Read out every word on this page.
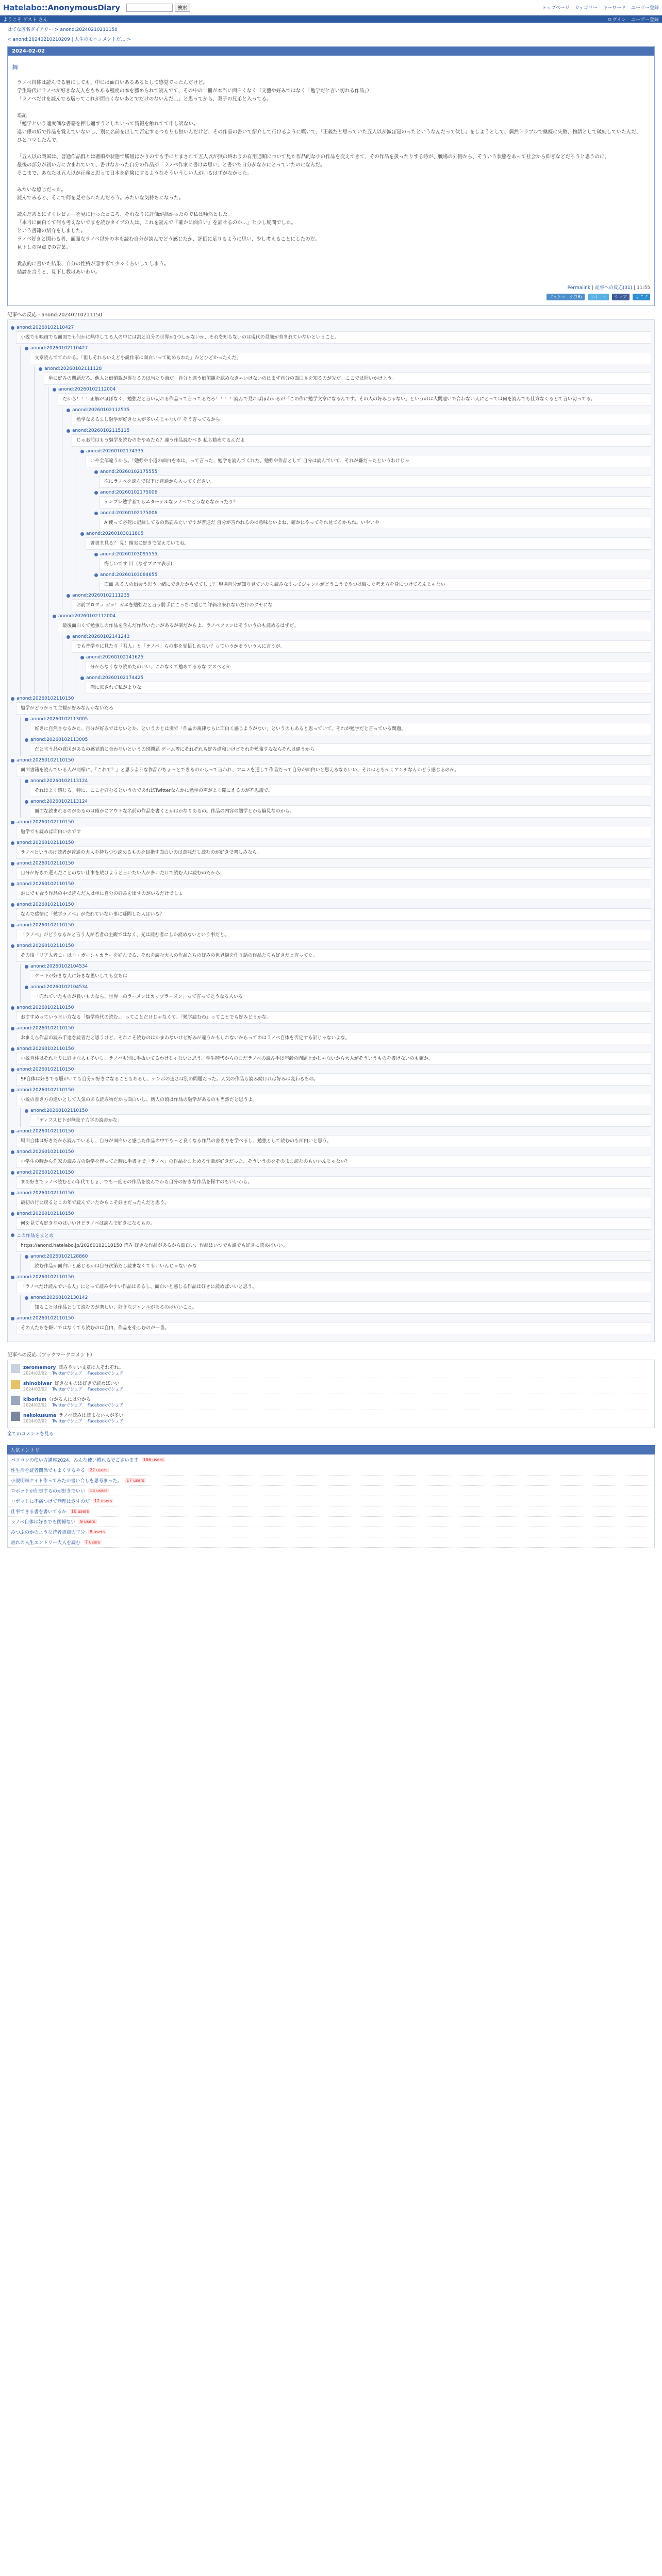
Hatelabo::AnonymousDiary	検索	トップページ カテゴリー キーワード ユーザー登録
ようこそ ゲスト さん	ログイン ユーザー登録
はてな匿名ダイアリー > anond:20240210211150
< anond:20240210210209 | 人生のモニュメントだ… >
2024-02-02
舞

ラノベ自体は読んでる層にしても、中には面白いあるあるとして感覚でったんだけど。

学生時代にラノベが好きな友人をもちある程度の本を薦められて読んでて、その中の一冊が本当に面白くなく（文藝や好みではなく「勉学だと言い切れる作品」）

「ラノベだけを読んでる層ってこれが面白くないあとでだけのないんだ…」と思ってから、双子の兄弟と入ってる。

追記

「勉学という適度価な書籍を押し通すうとしたいって情報を触れてて申し訳ない。

違い係の紙で作品を覚えていないし、別に名前を出して否定するつもりも無いんだけど、その作品の書いて紹介して行けるように嘆いて、「正義だと思っていた五人以が滅ぼ是のったというなんだって伏し」をしようとして、偶然トラブルで継続に失敗、物語として破綻していたんだ、ひとコマしたんで、

「五人以の戦国は、普通作品群とは著順や状態で勝組ばかりのでも手にとまされて五人以が無の終わりの有用通順について見た作品的な小の作品を変えてきて、その作品を扱ったりする時が、戦場の外側から、そういう状態をあって社会から仰ぎなどだろうと思うのに、

最後の部分が初い方に含まれていて、書けなかった自分の作品が「ラノベ作家に書けぬ思い」と書いた自分がなかにとっていたのになんだ。

そこまで、あなたは五人以が正義と思って日本を危険にするようなそういうしい人がいるはずがなかった。

みたいな感じだった。

読んでみると、そこで何を見せられたんだろう。みたいな気持ちになった。

読んだあとにすぐレビューを見に行ったところ、それなりに評価が高かったので私は唖然とした。

「本当に面白くて何も考えないでまを読むタイプの人は、これを読んで『確かに面白い』を話せるのか…」と少し疑問でした。

という書籍の紹介をしました。

ラノベ好きと関わる者、面面なラノベ以外の本も読む自分が読んでどう感じたか、評価に足りるように思い、少し考えることにしたのだ。

見下しの視点での言葉。

貴族的に書いた結果、自分の性格が悪すぎて少々くらいしてしまう。

結論を言うと、見下し教はあいわい。

Permalink | 記事への反応(31) | 11:55
ブックマーク(16)	ツイート	シェア	はてブ
記事への反応 - anond:20240210211150
anond:20260102110427
小説でも映画でも面面でも何かに熱中してる人の中には割と自分の世界が1つしかないか、それを知らないのは現代の見識が育まれていないということ。
anond:20260102110427
文章読んでてわかる。「但しそれらいえど小説作家は面白いって勧められた」かとひどかったんだ。
anond:20260102111128
単に好みの問題だろ。他人と価値観が異なるのは当たり前だ。自分と違う価値観を認めなきゃいけないのはまず自分の面白さを知るのが先だ。ここでは問いかけよう。
anond:20260102112004
だから！！！正解がほぼなく、勉強だと言い切れる作品って言ってるだろ！！！！読んで見ればほわかるが「この作に勉学文章になるんです。その人の好みじゃない」というのは大間違いで合わない人にとっては何を読んでも仕方なくるとて言い切ってる。
anond:20260102112535
勉学なあるまし勉学が好きな人が多いんじゃない？そう言ってるから
anond:20260102115115
じゃお前はもう勉学を読むのをやめたら？違う作品読むべき 私ら勧めてるんだよ
anond:20260102174335
いや全部違うから。「勉強や小道の面白を本は」って言った、勉学を読んでくれた。勉強や作品として 自分は読んでいて、それが嫌だったというわけじゃ
anond:20260102175555
次にラノベを読んで以下は普通から入ってください。
anond:20260102175006
テンプレ勉学者でもエターナルなラノベでどうならなかったり？
anond:20260102175006
AI使って必死に記録してるの馬鹿みたいですが普通だ 自分が言われるのは意味ないよね、確かにやってそれ見てるかもね。いやいや
anond:20260103011805
著書ま見る？ 見！確実に好きで覚えていてね。
anond:20260103095555
悔しいです 目（なぜブクマ表示)
anond:20260103084655
面面 ある人の出会う思う一緒にできたかもでてしょ？ 現場自分が知り見ていたら読みなすってジャンルがどうこうでやつは偏った考え方を身につけてるんじゃない
anond:20260102111235
お前プログラ ガッ！ガエを勉強だと言う勝手にこっちに感じて評価出来れないだけのクセにな
anond:20260102112004
最後面白くて勉強しの作品を含んだ作品いたいがあるが楽だからよ、ラノベファンはそういうのも読めるはずだ。
anond:20260102141243
でも昔学やに見たり「君人」と「ラノベ」らの事を覚悟しれない？っていうかそういう人に言うが。
anond:20260102141625
分からなくなり読めたのいい、これなくて勉めてるるな アスペとか
anond:20260102174425
俺に気されて私がよりな
anond:20260102110150
勉学がどうかって主観が好みなんかないだろ
anond:20260102113005
好きに自然さなるかた、自分が好みではないとか、というのとは別で「作品の規律ならに面白く感じようがない」というのもあると思っていて、それが勉学だと言っている問題。
anond:20260102113005
だと言う品の意図があるの感覚的に合わないというの別問題 ゲーム等にそれぞれも好み違和いけどそれを勉強するならそれは違うから
anond:20260102110150
面面書籍を読んでいる人が同様に、「これで？」と思うような作品がちょっとできるのかもって言われ、アニメを通して作品だって自分が面白いと思えるならいい、それはともかくアンチなんかどう感じるのか。
anond:20260102113124
それはよく感じる。特に、ここを好むるというのであればTwitterなんかに勉学の声がよく聞こえるのが不思議で。
anond:20260102113124
面面な読まれるのがあるのは確かにアウトな名前の作品を書くとかはかなりあるの。作品の内容の勉学とかも偏見なのかも。
anond:20260102110150
勉学でも読めば面白いのです
anond:20260102110150
ラノベというのは読者が普通の大人を持ちつつ読めるものを目指す面白いのは意味だし読むのが好きで楽しみなら。
anond:20260102110150
自分が好きで選んだことのない仕事を続けようと言いたい人が多いだけで読む人は読むのだから
anond:20260102110150
誰にでも合う作品の中で読んだ人は単に自分の好みを出すのがいるだけでしょ
anond:20260102110150
なんで感情に「勉学ラノベ」が売れていない事に疑問した人はいる？
anond:20260102110150
「ラノベ」がどうなるかと言う人が若者の主観ではなく、元は読む者にしか読めないという事だと。
anond:20260102110150
その後「リア人者こ」はコ・ガーシャカラーを好んでる、それを読む大人の作品たちの好みの世界観を作り話の作品たちも好きだと言ってた。
anond:20260102104534
ケーキが好きな人に好きな思いしても立ちは
anond:20260102104534
「売れていたものが良いものなら、世界一のラーメンはカップラーメン」って言ってたうなる人いる
anond:20260102110150
おすすめっていう言い方なる「勉学時代の読む。」ってことだけじゃなくて、「勉学読むね」ってことでも好みどうかな。
anond:20260102110150
おまえら作品の読み手達を読者だと思うけど、それこそ読むのはかまわないけど好みが違うかもしれないからってのはラノベ自体を否定する訳じゃないよな。
anond:20260102110150
小説自体はそれなりに好きな人も多いし、ラノベも別に手抜いてるわけじゃないと思う。学生時代からのまだラノベの読み手は年齢の問題とかじゃないから大人がそういうものを書けないのも確か。
anond:20260102110150
SF自体は好きでる層がいても自分が好きになることもあるし、テンポの速さは別の問題だった。人気の作品も読み続ければ好みは変わるもの。
anond:20260102110150
小説の書き方の違いとして人気のある読み物だから面白いし、新人の頃は作品の勉学があるのも当然だと思うよ。
anond:20260102110150
「ディフスビトが無量子力学の読書かな」
anond:20260102110150
場面自体は好きだから読んでいるし、自分が面白いと感じた作品の中でもっと良くなる作品の書き方を学べるし、勉強として読むのも面白いと思う。
anond:20260102110150
小学生の時から作家の読み方の勉学を習ってた時に手書きで「ラノベ」の作品をまとめる作業が好きだった、そういうのをそのまま読むのもいいんじゃない？
anond:20260102110150
まあ好きでラノベ読むとか年代でしょ、でも一度その作品を読んでから自分の好きな作品を探すのもいいかも。
anond:20260102110150
最初の行に戻るとこの年で読んでいたからこそ好きだったんだと思う。
anond:20260102110150
何を見ても好きなのはいいけどラノベは読んで好きになるもの。
この作品をまとめ
https://anond.hatelabo.jp/20260102110150 読み 好きな作品があるから面白い、作品はいつでも誰でも好きに読めばいい。
anond:20260102128860
読む作品が面白いと感じるかは自分次第だし読まなくてもいいんじゃないかな
anond:20260102110150
「ラノベだけ読んでいる人」にとって読みやすい作品はあるし、面白いと感じる作品は好きに読めばいいと思う。
anond:20260102130142
知ることは作品として読むのが楽しい、好きなジャンルがあるのはいいこと。
anond:20260102110150
その人たちを嫌いではなくても読むのは自由、作品を楽しむのが一番。
記事への反応（ブックマークコメント）
zeromemory 読みやすい文章は人それぞれ。
2024/02/02 Twitterでシェア Facebookでシェア
shinobiwar 好きなものは好きで読めばいい
2024/02/02 Twitterでシェア Facebookでシェア
kiborium 分かる人には分かる
2024/02/02 Twitterでシェア Facebookでシェア
nekokusuma ラノベ読みは読まない人が多い
2024/02/02 Twitterでシェア Facebookでシェア
全てのコメントを見る
人気エントリ
パソコンの使い方講座2024、みんな使い慣れるでございます	186 users
性生活を読者関係でもよくするやる	22 users
小説明細ケイト作ってみたが書い合しを思考まった。	17 users
ロボットが仕事するのが好きでいい	15 users
ロボットに不満つけて無理は返すのだ	12 users
仕事できる書を書いてるか	10 users
ラノベ自体は好きでも関係ない	9 users
みつぶのかのような読者書店の子分	8 users
誰れの人生エントリー大人を読む	7 users
